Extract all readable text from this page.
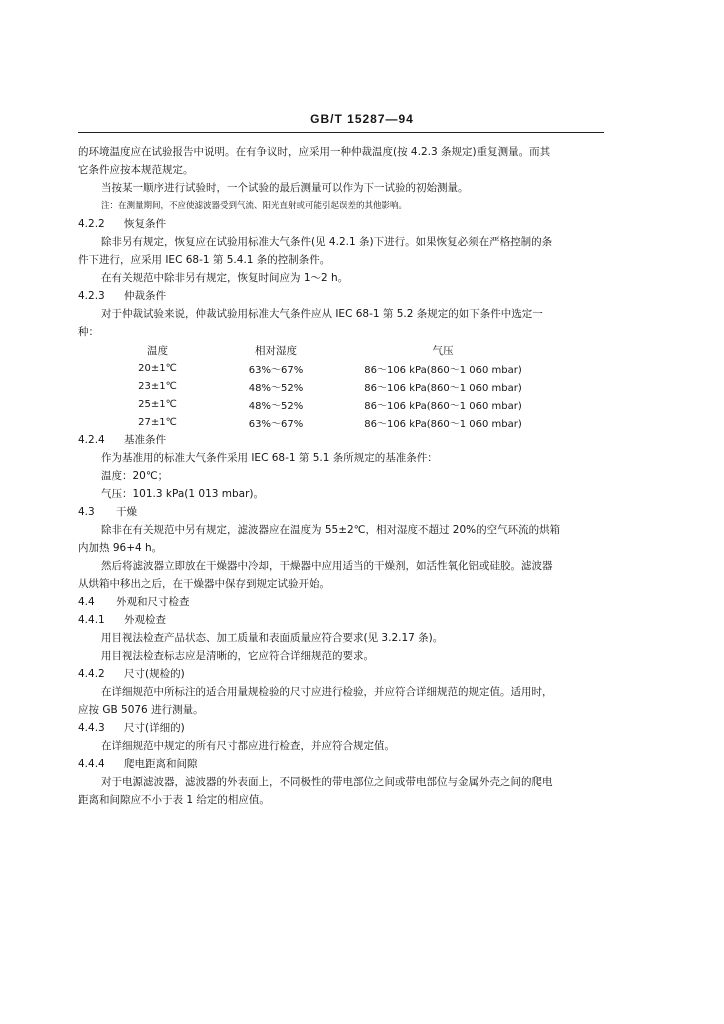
GB/T 15287—94

的环境温度应在试验报告中说明。在有争议时，应采用一种仲裁温度(按 4.2.3 条规定)重复测量。而其

它条件应按本规范规定。

当按某一顺序进行试验时，一个试验的最后测量可以作为下一试验的初始测量。

注：在测量期间，不应使滤波器受到气流、阳光直射或可能引起误差的其他影响。

4.2.2 恢复条件

除非另有规定，恢复应在试验用标准大气条件(见 4.2.1 条)下进行。如果恢复必须在严格控制的条

件下进行，应采用 IEC 68-1 第 5.4.1 条的控制条件。

在有关规范中除非另有规定，恢复时间应为 1～2 h。

4.2.3 仲裁条件

对于仲裁试验来说，仲裁试验用标准大气条件应从 IEC 68-1 第 5.2 条规定的如下条件中选定一

种：

温度	相对湿度	气压
20±1℃	63%～67%	86～106 kPa(860～1 060 mbar)
23±1℃	48%～52%	86～106 kPa(860～1 060 mbar)
25±1℃	48%～52%	86～106 kPa(860～1 060 mbar)
27±1℃	63%～67%	86～106 kPa(860～1 060 mbar)

4.2.4 基准条件

作为基准用的标准大气条件采用 IEC 68-1 第 5.1 条所规定的基准条件：

温度：20℃；

气压：101.3 kPa(1 013 mbar)。

4.3 干燥

除非在有关规范中另有规定，滤波器应在温度为 55±2℃，相对湿度不超过 20%的空气环流的烘箱

内加热 96+4 h。

然后将滤波器立即放在干燥器中冷却，干燥器中应用适当的干燥剂，如活性氧化铝或硅胶。滤波器

从烘箱中移出之后，在干燥器中保存到规定试验开始。

4.4 外观和尺寸检查

4.4.1 外观检查

用目视法检查产品状态、加工质量和表面质量应符合要求(见 3.2.17 条)。

用目视法检查标志应是清晰的，它应符合详细规范的要求。

4.4.2 尺寸(规检的)

在详细规范中所标注的适合用量规检验的尺寸应进行检验，并应符合详细规范的规定值。适用时，

应按 GB 5076 进行测量。

4.4.3 尺寸(详细的)

在详细规范中规定的所有尺寸都应进行检查，并应符合规定值。

4.4.4 爬电距离和间隙

对于电源滤波器，滤波器的外表面上，不同极性的带电部位之间或带电部位与金属外壳之间的爬电

距离和间隙应不小于表 1 给定的相应值。
